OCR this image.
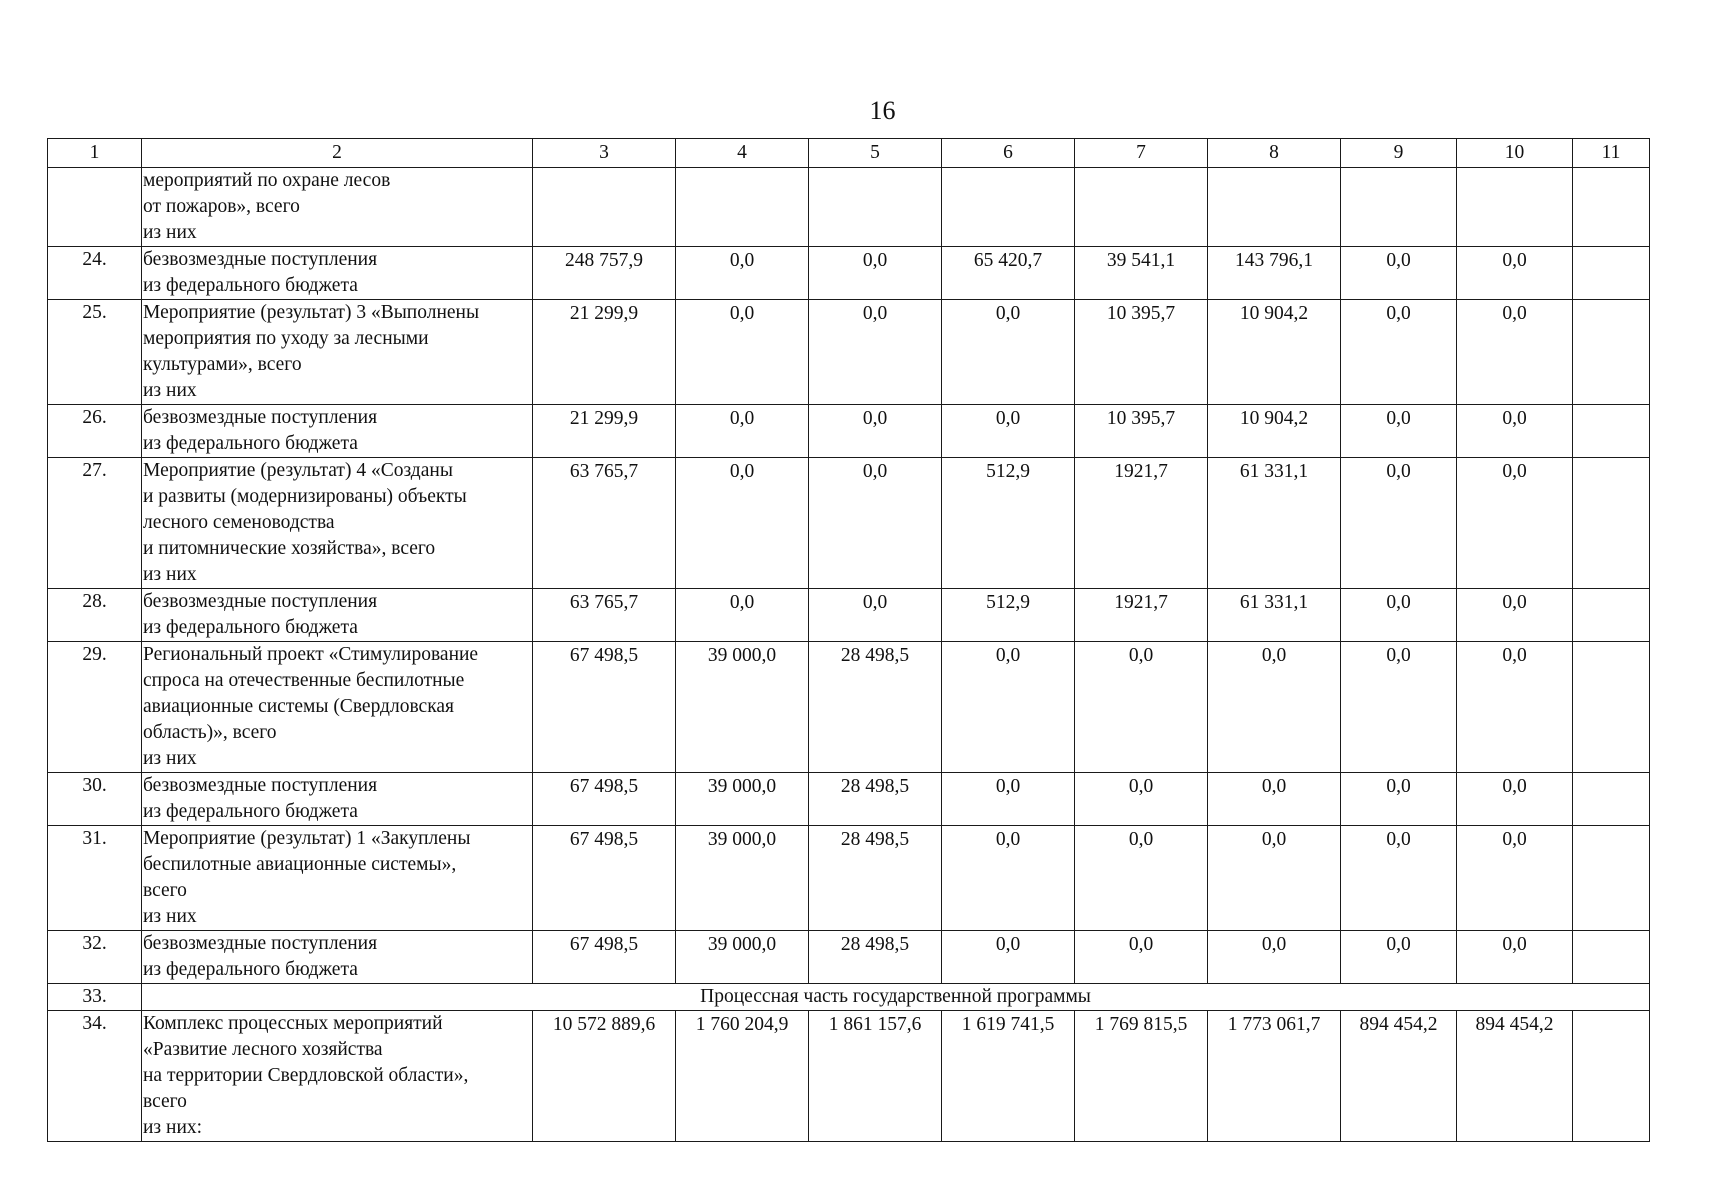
16
1	2	3	4	5	6	7	8	9	10	11
	мероприятий по охране лесов
от пожаров», всего
из них									
24.	безвозмездные поступления
из федерального бюджета	248 757,9	0,0	0,0	65 420,7	39 541,1	143 796,1	0,0	0,0	
25.	Мероприятие (результат) 3 «Выполнены
мероприятия по уходу за лесными
культурами», всего
из них	21 299,9	0,0	0,0	0,0	10 395,7	10 904,2	0,0	0,0	
26.	безвозмездные поступления
из федерального бюджета	21 299,9	0,0	0,0	0,0	10 395,7	10 904,2	0,0	0,0	
27.	Мероприятие (результат) 4 «Созданы
и развиты (модернизированы) объекты
лесного семеноводства
и питомнические хозяйства», всего
из них	63 765,7	0,0	0,0	512,9	1921,7	61 331,1	0,0	0,0	
28.	безвозмездные поступления
из федерального бюджета	63 765,7	0,0	0,0	512,9	1921,7	61 331,1	0,0	0,0	
29.	Региональный проект «Стимулирование
спроса на отечественные беспилотные
авиационные системы (Свердловская
область)», всего
из них	67 498,5	39 000,0	28 498,5	0,0	0,0	0,0	0,0	0,0	
30.	безвозмездные поступления
из федерального бюджета	67 498,5	39 000,0	28 498,5	0,0	0,0	0,0	0,0	0,0	
31.	Мероприятие (результат) 1 «Закуплены
беспилотные авиационные системы»,
всего
из них	67 498,5	39 000,0	28 498,5	0,0	0,0	0,0	0,0	0,0	
32.	безвозмездные поступления
из федерального бюджета	67 498,5	39 000,0	28 498,5	0,0	0,0	0,0	0,0	0,0	
33.	Процессная часть государственной программы									
34.	Комплекс процессных мероприятий
«Развитие лесного хозяйства
на территории Свердловской области»,
всего
из них:	10 572 889,6	1 760 204,9	1 861 157,6	1 619 741,5	1 769 815,5	1 773 061,7	894 454,2	894 454,2	
